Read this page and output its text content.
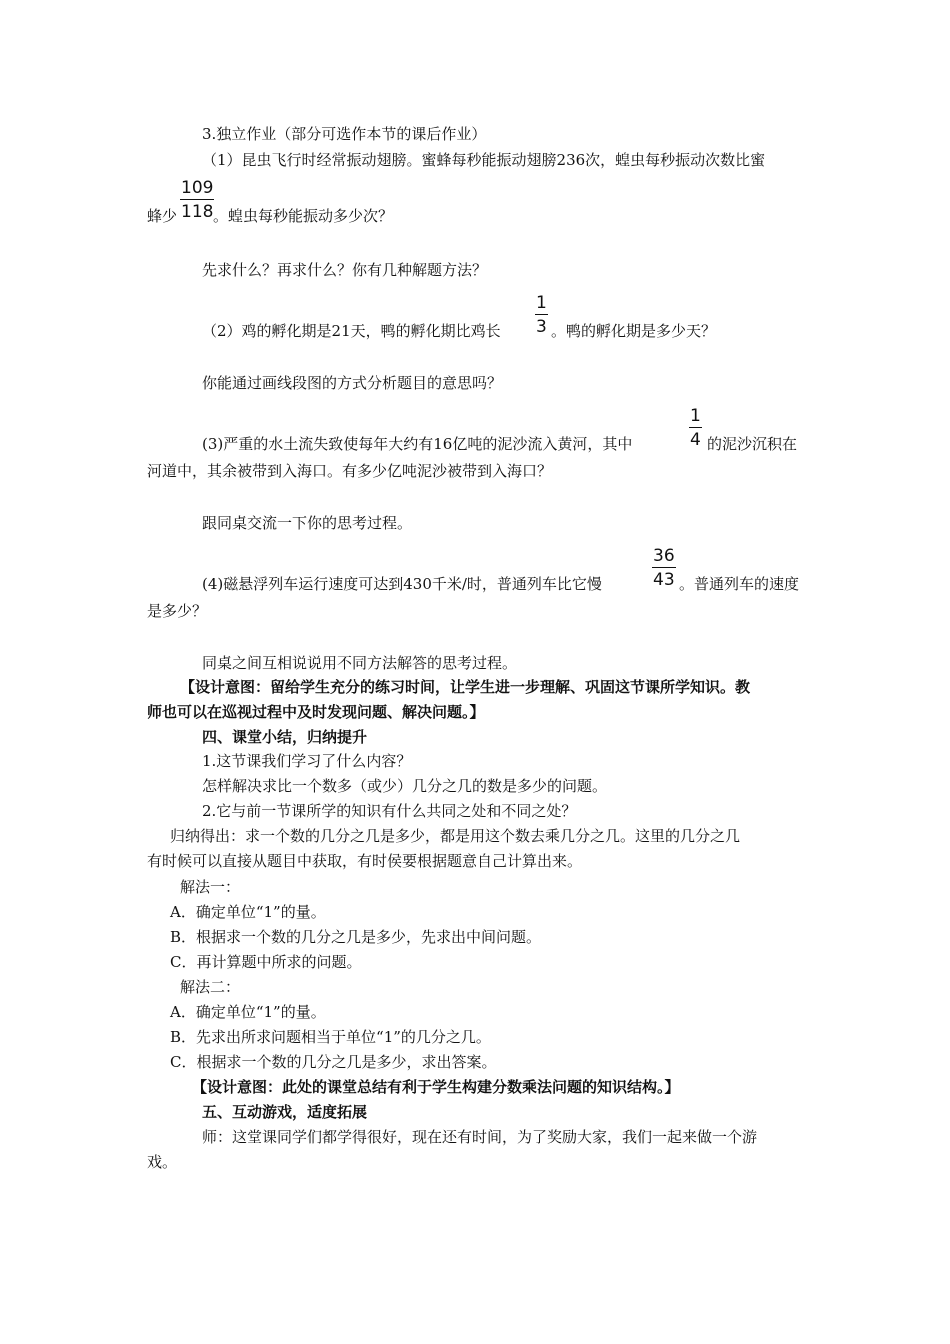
3.独立作业（部分可选作本节的课后作业）
（1）昆虫飞行时经常振动翅膀。蜜蜂每秒能振动翅膀236次，蝗虫每秒振动次数比蜜
蜂少
109
118 。蝗虫每秒能振动多少次？
先求什么？再求什么？你有几种解题方法？
（2）鸡的孵化期是21天，鸭的孵化期比鸡长
1
3 。鸭的孵化期是多少天？
你能通过画线段图的方式分析题目的意思吗？
(3)严重的水土流失致使每年大约有16亿吨的泥沙流入黄河，其中
1
4 的泥沙沉积在
河道中，其余被带到入海口。有多少亿吨泥沙被带到入海口？
跟同桌交流一下你的思考过程。
(4)磁悬浮列车运行速度可达到430千米/时，普通列车比它慢
36
43 。普通列车的速度
是多少？
同桌之间互相说说用不同方法解答的思考过程。
【设计意图：留给学生充分的练习时间，让学生进一步理解、巩固这节课所学知识。教
师也可以在巡视过程中及时发现问题、解决问题。】
四、课堂小结，归纳提升
1.这节课我们学习了什么内容？
怎样解决求比一个数多（或少）几分之几的数是多少的问题。
2.它与前一节课所学的知识有什么共同之处和不同之处？
归纳得出：求一个数的几分之几是多少，都是用这个数去乘几分之几。这里的几分之几
有时候可以直接从题目中获取，有时侯要根据题意自己计算出来。
解法一：
A．确定单位“1”的量。
B．根据求一个数的几分之几是多少，先求出中间问题。
C．再计算题中所求的问题。
解法二：
A．确定单位“1”的量。
B．先求出所求问题相当于单位“1”的几分之几。
C．根据求一个数的几分之几是多少，求出答案。
【设计意图：此处的课堂总结有利于学生构建分数乘法问题的知识结构。】
五、互动游戏，适度拓展
师：这堂课同学们都学得很好，现在还有时间，为了奖励大家，我们一起来做一个游
戏。
